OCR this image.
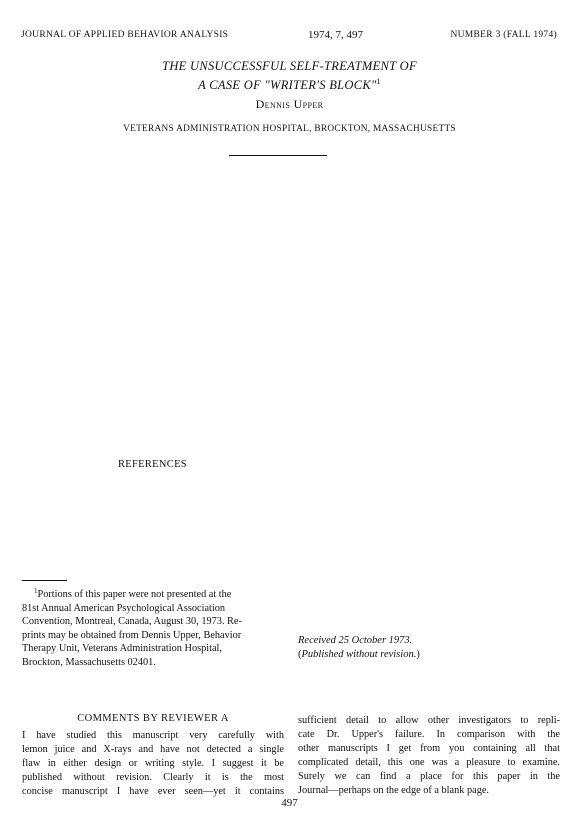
JOURNAL OF APPLIED BEHAVIOR ANALYSIS	1974, 7, 497	NUMBER 3 (FALL 1974)
THE UNSUCCESSFUL SELF-TREATMENT OF
A CASE OF "WRITER'S BLOCK"$^1$
Dennis Upper
VETERANS ADMINISTRATION HOSPITAL, BROCKTON, MASSACHUSETTS
REFERENCES
$^1$Portions of this paper were not presented at the
81st Annual American Psychological Association
Convention, Montreal, Canada, August 30, 1973. Re-
prints may be obtained from Dennis Upper, Behavior
Therapy Unit, Veterans Administration Hospital,
Brockton, Massachusetts 02401.
Received 25 October 1973.
(Published without revision.)
COMMENTS BY REVIEWER A
I have studied this manuscript very carefully with
lemon juice and X-rays and have not detected a single
flaw in either design or writing style. I suggest it be
published without revision. Clearly it is the most
concise manuscript I have ever seen—yet it contains
sufficient detail to allow other investigators to repli-
cate Dr. Upper's failure. In comparison with the
other manuscripts I get from you containing all that
complicated detail, this one was a pleasure to examine.
Surely we can find a place for this paper in the
Journal—perhaps on the edge of a blank page.
497
